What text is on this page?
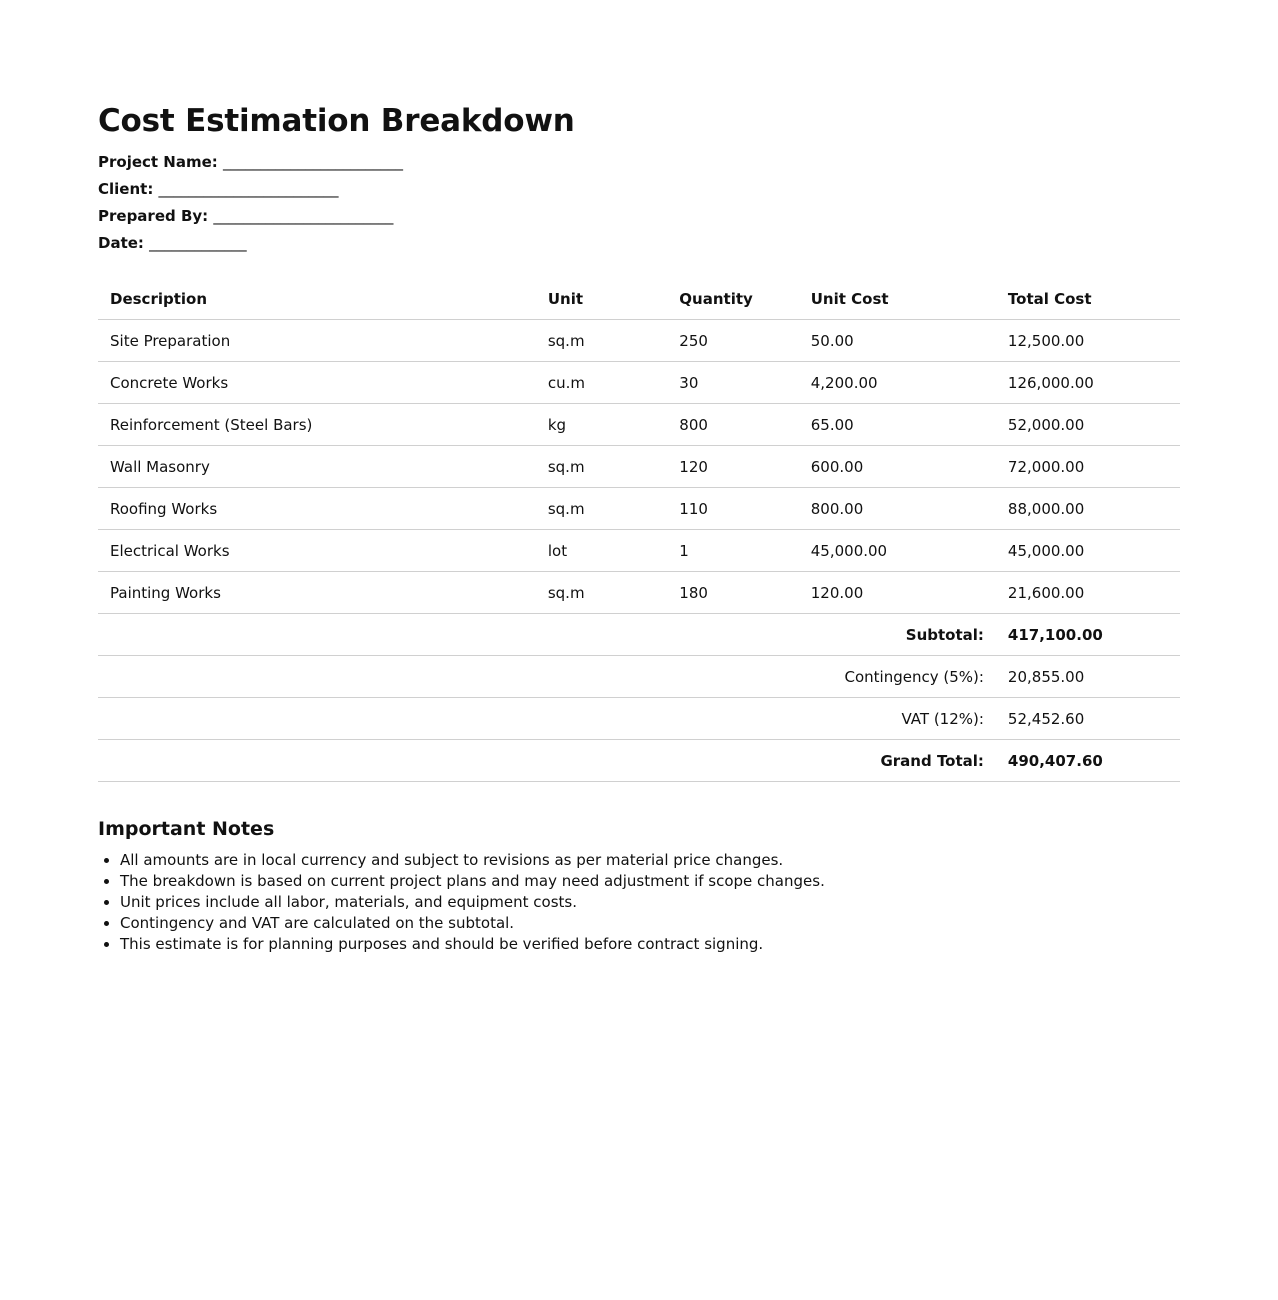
Cost Estimation Breakdown
Project Name: ________________________
Client: ________________________
Prepared By: ________________________
Date: _____________
Description	Unit	Quantity	Unit Cost	Total Cost
Site Preparation	sq.m	250	50.00	12,500.00
Concrete Works	cu.m	30	4,200.00	126,000.00
Reinforcement (Steel Bars)	kg	800	65.00	52,000.00
Wall Masonry	sq.m	120	600.00	72,000.00
Roofing Works	sq.m	110	800.00	88,000.00
Electrical Works	lot	1	45,000.00	45,000.00
Painting Works	sq.m	180	120.00	21,600.00
Subtotal:				417,100.00
Contingency (5%):				20,855.00
VAT (12%):				52,452.60
Grand Total:				490,407.60
Important Notes
• All amounts are in local currency and subject to revisions as per material price changes.
• The breakdown is based on current project plans and may need adjustment if scope changes.
• Unit prices include all labor, materials, and equipment costs.
• Contingency and VAT are calculated on the subtotal.
• This estimate is for planning purposes and should be verified before contract signing.
